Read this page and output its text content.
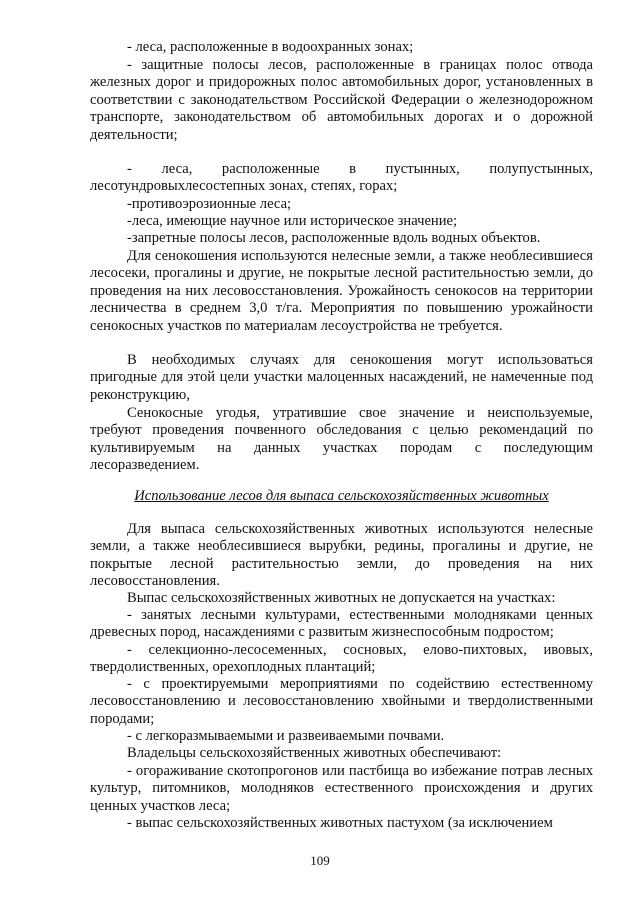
- леса, расположенные в водоохранных зонах;

- защитные полосы лесов, расположенные в границах полос отвода железных дорог и придорожных полос автомобильных дорог, установленных в соответствии с законодательством Российской Федерации о железнодорожном транспорте, законодательством об автомобильных дорогах и о дорожной деятельности;

- леса, расположенные в пустынных, полупустынных, лесотундровыхлесостепных зонах, степях, горах;

-противоэрозионные леса;

-леса, имеющие научное или историческое значение;

-запретные полосы лесов, расположенные вдоль водных объектов.

Для сенокошения используются нелесные земли, а также необлесившиеся лесосеки, прогалины и другие, не покрытые лесной растительностью земли, до проведения на них лесовосстановления. Урожайность сенокосов на территории лесничества в среднем 3,0 т/га. Мероприятия по повышению урожайности сенокосных участков по материалам лесоустройства не требуется.

В необходимых случаях для сенокошения могут использоваться пригодные для этой цели участки малоценных насаждений, не намеченные под реконструкцию,

Сенокосные угодья, утратившие свое значение и неиспользуемые, требуют проведения почвенного обследования с целью рекомендаций по культивируемым на данных участках породам с последующим лесоразведением.

Использование лесов для выпаса сельскохозяйственных животных

Для выпаса сельскохозяйственных животных используются нелесные земли, а также необлесившиеся вырубки, редины, прогалины и другие, не покрытые лесной растительностью земли, до проведения на них лесовосстановления.

Выпас сельскохозяйственных животных не допускается на участках:

- занятых лесными культурами, естественными молодняками ценных древесных пород, насаждениями с развитым жизнеспособным подростом;

- селекционно-лесосеменных, сосновых, елово-пихтовых, ивовых, твердолиственных, орехоплодных плантаций;

- с проектируемыми мероприятиями по содействию естественному лесовосстановлению и лесовосстановлению хвойными и твердолиственными породами;

- с легкоразмываемыми и развеиваемыми почвами.

Владельцы сельскохозяйственных животных обеспечивают:

- огораживание скотопрогонов или пастбища во избежание потрав лесных культур, питомников, молодняков естественного происхождения и других ценных участков леса;

- выпас сельскохозяйственных животных пастухом (за исключением

109
